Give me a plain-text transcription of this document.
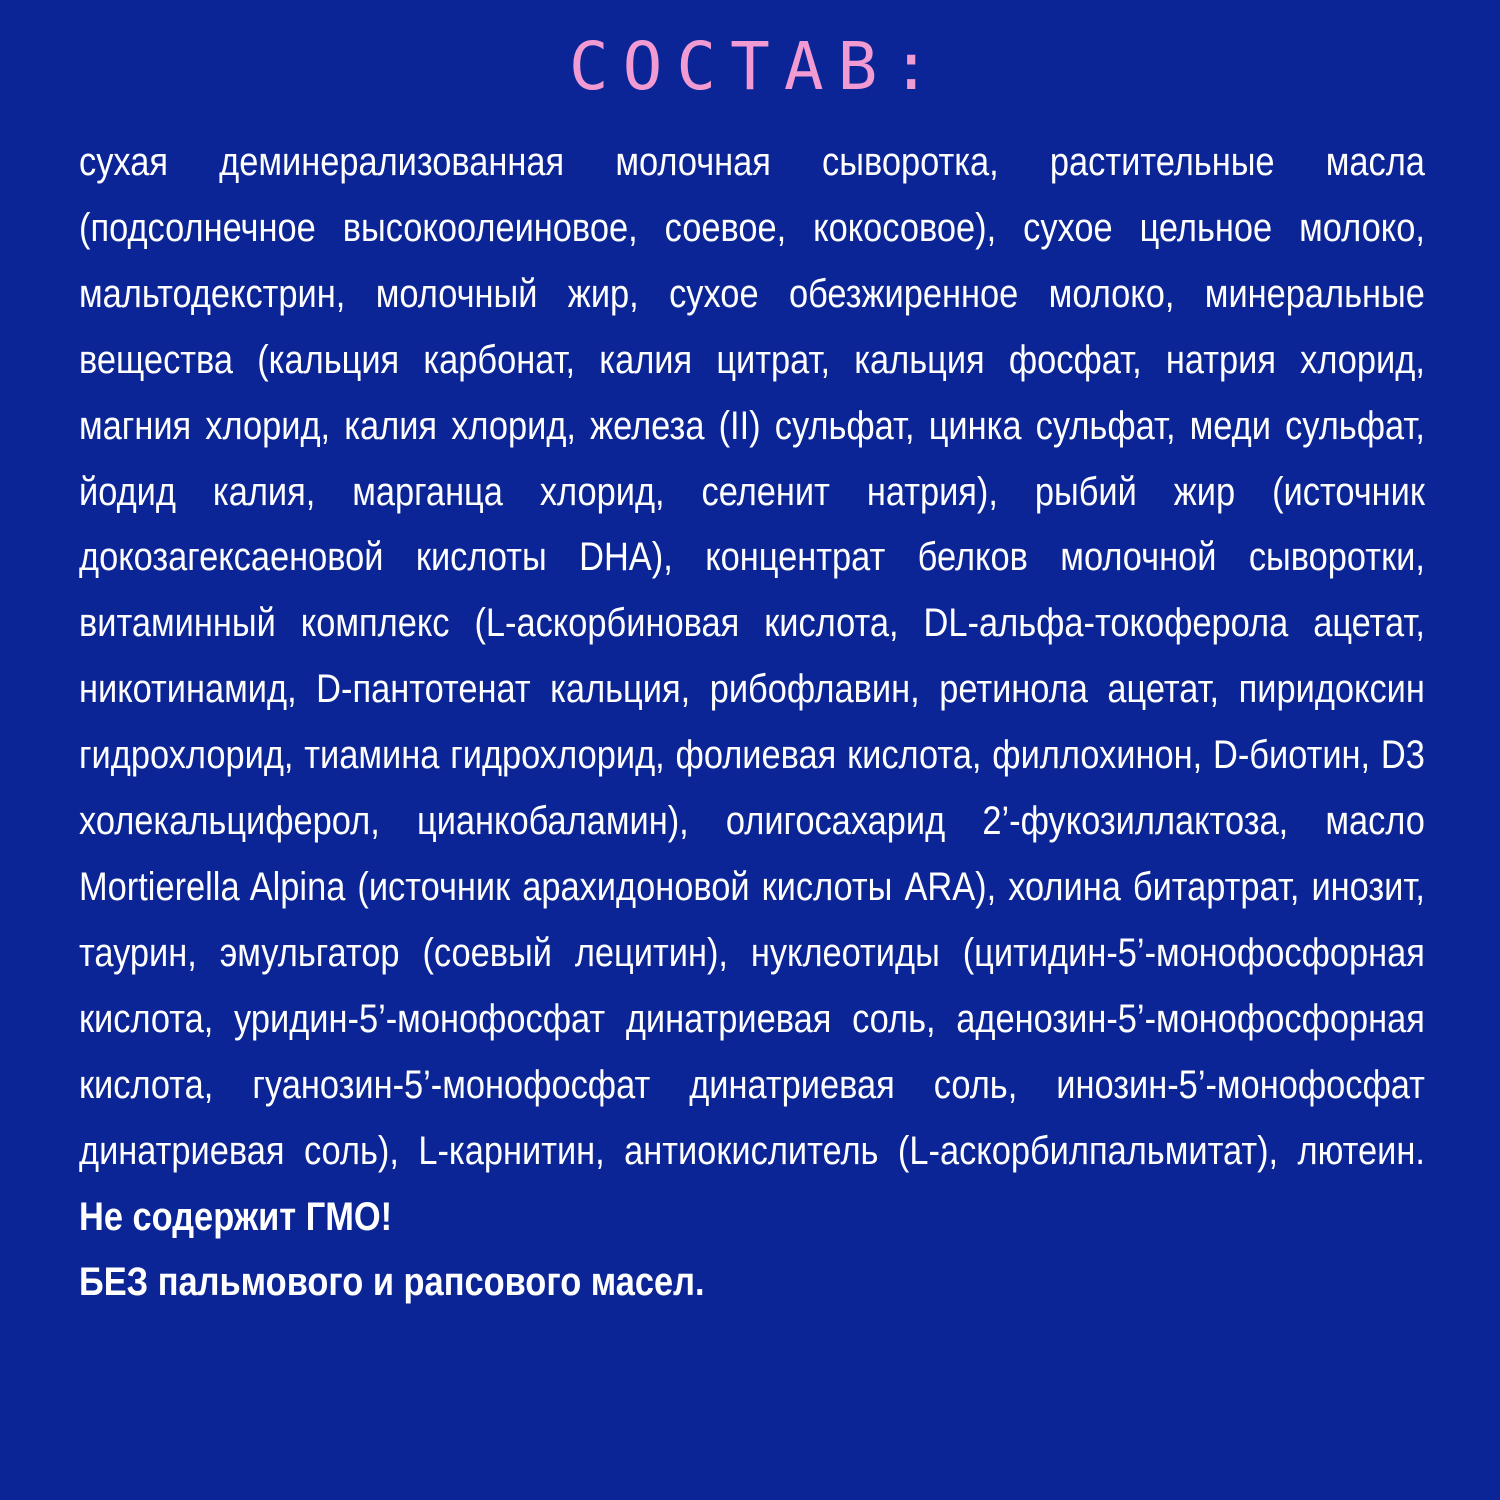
СОСТАВ:

сухая деминерализованная молочная сыворотка, растительные масла (подсолнечное высокоолеиновое, соевое, кокосовое), сухое цельное молоко, мальтодекстрин, молочный жир, сухое обезжиренное молоко, минеральные вещества (кальция карбонат, калия цитрат, кальция фосфат, натрия хлорид, магния хлорид, калия хлорид, железа (II) сульфат, цинка сульфат, меди сульфат, йодид калия, марганца хлорид, селенит натрия), рыбий жир (источник докозагексаеновой кислоты DHA), концентрат белков молочной сыворотки, витаминный комплекс (L-аскорбиновая кислота, DL-альфа-токоферола ацетат, никотинамид, D-пантотенат кальция, рибофлавин, ретинола ацетат, пиридоксин гидрохлорид, тиамина гидрохлорид, фолиевая кислота, филлохинон, D-биотин, D3 холекальциферол, цианкобаламин), олигосахарид 2’-фукозиллактоза, масло Mortierella Alpina (источник арахидоновой кислоты ARA), холина битартрат, инозит, таурин, эмульгатор (соевый лецитин), нуклеотиды (цитидин-5’-монофосфорная кислота, уридин-5’-монофосфат динатриевая соль, аденозин-5’-монофосфорная кислота, гуанозин-5’-монофосфат динатриевая соль, инозин-5’-монофосфат динатриевая соль), L-карнитин, антиокислитель (L-аскорбилпальмитат), лютеин. Не содержит ГМО!
БЕЗ пальмового и рапсового масел.
